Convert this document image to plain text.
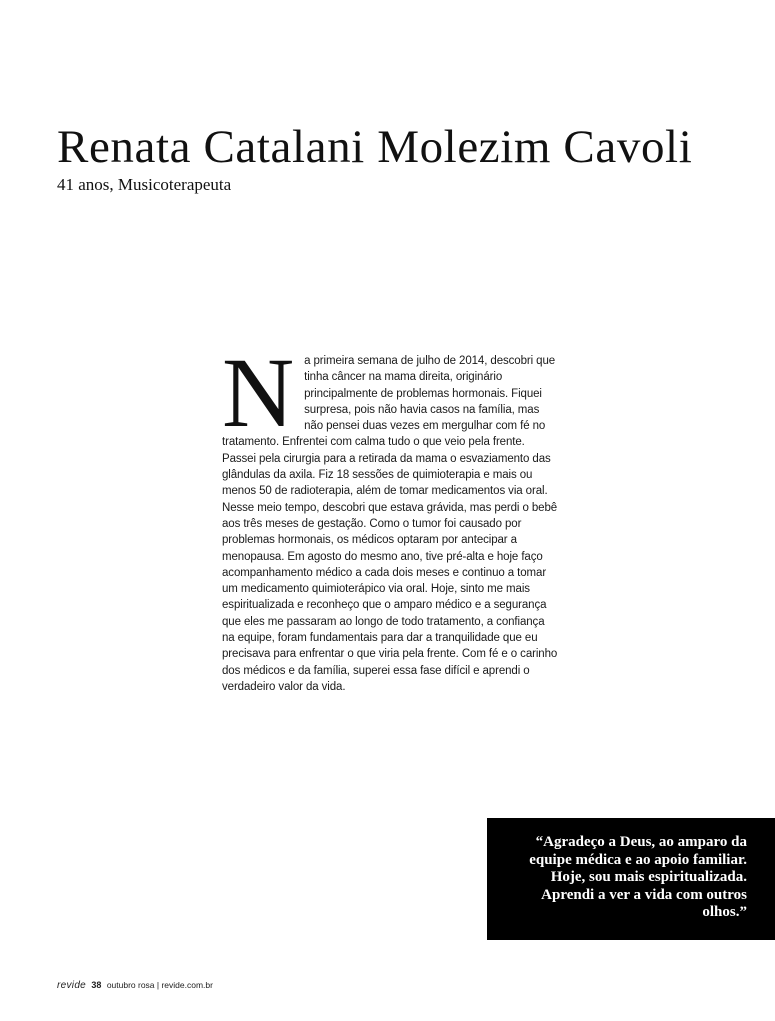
Renata Catalani Molezim Cavoli

41 anos, Musicoterapeuta

N a primeira semana de julho de 2014, descobri que tinha câncer na mama direita, originário principalmente de problemas hormonais. Fiquei surpresa, pois não havia casos na família, mas não pensei duas vezes em mergulhar com fé no tratamento. Enfrentei com calma tudo o que veio pela frente. Passei pela cirurgia para a retirada da mama o esvaziamento das glândulas da axila. Fiz 18 sessões de quimioterapia e mais ou menos 50 de radioterapia, além de tomar medicamentos via oral. Nesse meio tempo, descobri que estava grávida, mas perdi o bebê aos três meses de gestação. Como o tumor foi causado por problemas hormonais, os médicos optaram por antecipar a menopausa. Em agosto do mesmo ano, tive pré-alta e hoje faço acompanhamento médico a cada dois meses e continuo a tomar um medicamento quimioterápico via oral. Hoje, sinto me mais espiritualizada e reconheço que o amparo médico e a segurança que eles me passaram ao longo de todo tratamento, a confiança na equipe, foram fundamentais para dar a tranquilidade que eu precisava para enfrentar o que viria pela frente. Com fé e o carinho dos médicos e da família, superei essa fase difícil e aprendi o verdadeiro valor da vida.

“Agradeço a Deus, ao amparo da equipe médica e ao apoio familiar. Hoje, sou mais espiritualizada. Aprendi a ver a vida com outros olhos.”

revide 38 outubro rosa | revide.com.br
